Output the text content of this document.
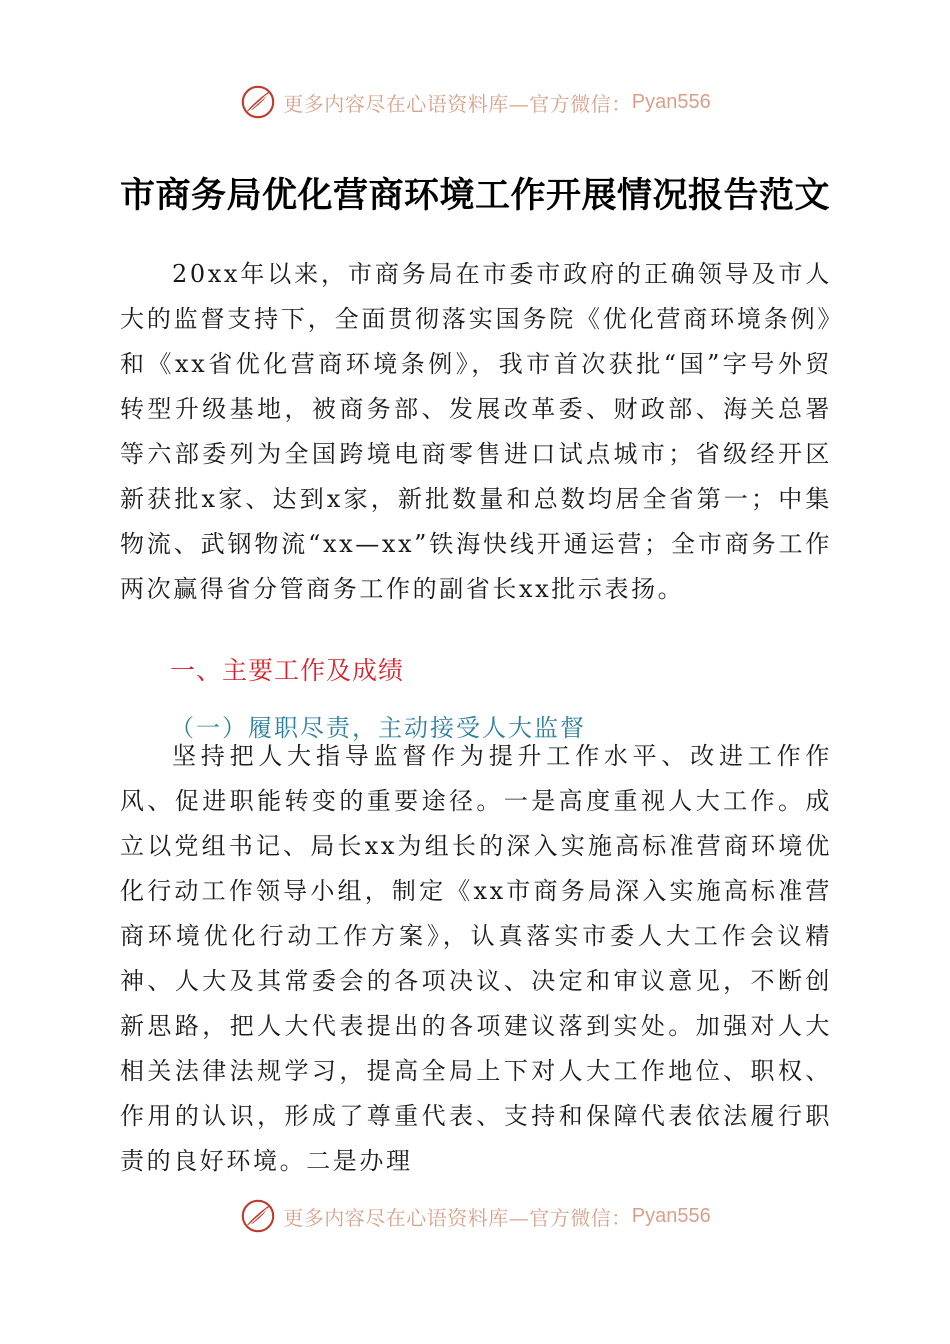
更多内容尽在心语资料库—官方微信： Pyan556
市商务局优化营商环境工作开展情况报告范文

20xx年以来，市商务局在市委市政府的正确领导及市人大的监督支持下，全面贯彻落实国务院《优化营商环境条例》和《xx省优化营商环境条例》，我市首次获批“国”字号外贸转型升级基地，被商务部、发展改革委、财政部、海关总署等六部委列为全国跨境电商零售进口试点城市；省级经开区新获批x家、达到x家，新批数量和总数均居全省第一；中集物流、武钢物流“xx—xx”铁海快线开通运营；全市商务工作两次赢得省分管商务工作的副省长xx批示表扬。

一、主要工作及成绩
（一）履职尽责，主动接受人大监督

坚持把人大指导监督作为提升工作水平、改进工作作风、促进职能转变的重要途径。一是高度重视人大工作。成立以党组书记、局长xx为组长的深入实施高标准营商环境优化行动工作领导小组，制定《xx市商务局深入实施高标准营商环境优化行动工作方案》，认真落实市委人大工作会议精神、人大及其常委会的各项决议、决定和审议意见，不断创新思路，把人大代表提出的各项建议落到实处。加强对人大相关法律法规学习，提高全局上下对人大工作地位、职权、作用的认识，形成了尊重代表、支持和保障代表依法履行职责的良好环境。二是办理

更多内容尽在心语资料库—官方微信： Pyan556
